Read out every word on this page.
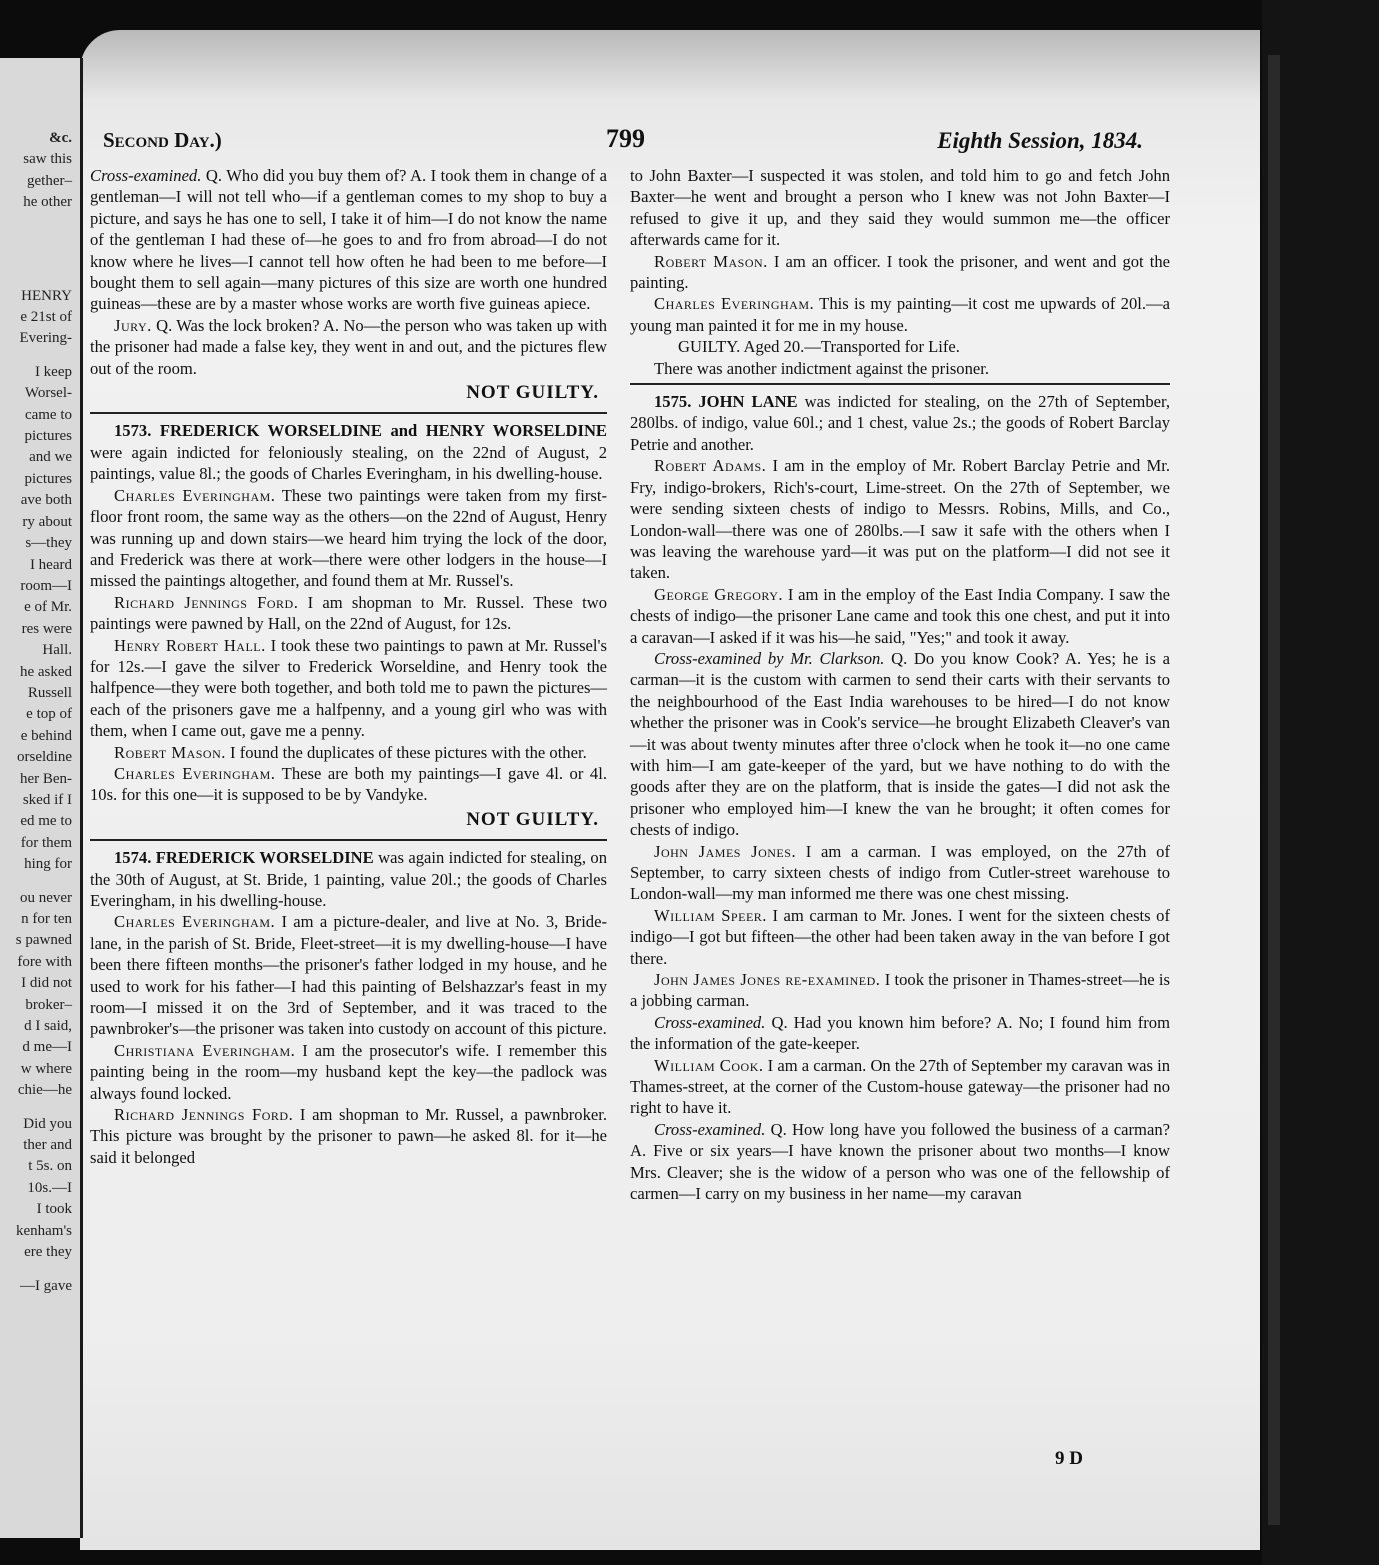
&c.
saw this
gether–
he other
HENRY
e 21st of
Evering-
I keep
Worsel-
came to
pictures
and we
pictures
ave both
ry about
s—they
I heard
room—I
e of Mr.
res were
Hall.
he asked
Russell
e top of
e behind
orseldine
her Ben-
sked if I
ed me to
for them
hing for
ou never
n for ten
s pawned
fore with
I did not
broker–
d I said,
d me—I
w where
chie—he
Did you
ther and
t 5s. on
10s.—I
I took
kenham's
ere they
—I gave
Second Day.)	799	Eighth Session, 1834.

Cross-examined. Q. Who did you buy them of? A. I took them in change of a gentleman—I will not tell who—if a gentleman comes to my shop to buy a picture, and says he has one to sell, I take it of him—I do not know the name of the gentleman I had these of—he goes to and fro from abroad—I do not know where he lives—I cannot tell how often he had been to me before—I bought them to sell again—many pictures of this size are worth one hundred guineas—these are by a master whose works are worth five guineas apiece.

Jury. Q. Was the lock broken? A. No—the person who was taken up with the prisoner had made a false key, they went in and out, and the pictures flew out of the room.

NOT GUILTY.

1573. FREDERICK WORSELDINE and HENRY WORSELDINE were again indicted for feloniously stealing, on the 22nd of August, 2 paintings, value 8l.; the goods of Charles Everingham, in his dwelling-house.

Charles Everingham. These two paintings were taken from my first-floor front room, the same way as the others—on the 22nd of August, Henry was running up and down stairs—we heard him trying the lock of the door, and Frederick was there at work—there were other lodgers in the house—I missed the paintings altogether, and found them at Mr. Russel's.

Richard Jennings Ford. I am shopman to Mr. Russel. These two paintings were pawned by Hall, on the 22nd of August, for 12s.

Henry Robert Hall. I took these two paintings to pawn at Mr. Russel's for 12s.—I gave the silver to Frederick Worseldine, and Henry took the halfpence—they were both together, and both told me to pawn the pictures—each of the prisoners gave me a halfpenny, and a young girl who was with them, when I came out, gave me a penny.

Robert Mason. I found the duplicates of these pictures with the other.

Charles Everingham. These are both my paintings—I gave 4l. or 4l. 10s. for this one—it is supposed to be by Vandyke.

NOT GUILTY.

1574. FREDERICK WORSELDINE was again indicted for stealing, on the 30th of August, at St. Bride, 1 painting, value 20l.; the goods of Charles Everingham, in his dwelling-house.

Charles Everingham. I am a picture-dealer, and live at No. 3, Bride-lane, in the parish of St. Bride, Fleet-street—it is my dwelling-house—I have been there fifteen months—the prisoner's father lodged in my house, and he used to work for his father—I had this painting of Belshazzar's feast in my room—I missed it on the 3rd of September, and it was traced to the pawnbroker's—the prisoner was taken into custody on account of this picture.

Christiana Everingham. I am the prosecutor's wife. I remember this painting being in the room—my husband kept the key—the padlock was always found locked.

Richard Jennings Ford. I am shopman to Mr. Russel, a pawnbroker. This picture was brought by the prisoner to pawn—he asked 8l. for it—he said it belonged

to John Baxter—I suspected it was stolen, and told him to go and fetch John Baxter—he went and brought a person who I knew was not John Baxter—I refused to give it up, and they said they would summon me—the officer afterwards came for it.

Robert Mason. I am an officer. I took the prisoner, and went and got the painting.

Charles Everingham. This is my painting—it cost me upwards of 20l.—a young man painted it for me in my house.

GUILTY. Aged 20.—Transported for Life.

There was another indictment against the prisoner.

1575. JOHN LANE was indicted for stealing, on the 27th of September, 280lbs. of indigo, value 60l.; and 1 chest, value 2s.; the goods of Robert Barclay Petrie and another.

Robert Adams. I am in the employ of Mr. Robert Barclay Petrie and Mr. Fry, indigo-brokers, Rich's-court, Lime-street. On the 27th of September, we were sending sixteen chests of indigo to Messrs. Robins, Mills, and Co., London-wall—there was one of 280lbs.—I saw it safe with the others when I was leaving the warehouse yard—it was put on the platform—I did not see it taken.

George Gregory. I am in the employ of the East India Company. I saw the chests of indigo—the prisoner Lane came and took this one chest, and put it into a caravan—I asked if it was his—he said, "Yes;" and took it away.

Cross-examined by Mr. Clarkson. Q. Do you know Cook? A. Yes; he is a carman—it is the custom with carmen to send their carts with their servants to the neighbourhood of the East India warehouses to be hired—I do not know whether the prisoner was in Cook's service—he brought Elizabeth Cleaver's van—it was about twenty minutes after three o'clock when he took it—no one came with him—I am gate-keeper of the yard, but we have nothing to do with the goods after they are on the platform, that is inside the gates—I did not ask the prisoner who employed him—I knew the van he brought; it often comes for chests of indigo.

John James Jones. I am a carman. I was employed, on the 27th of September, to carry sixteen chests of indigo from Cutler-street warehouse to London-wall—my man informed me there was one chest missing.

William Speer. I am carman to Mr. Jones. I went for the sixteen chests of indigo—I got but fifteen—the other had been taken away in the van before I got there.

John James Jones re-examined. I took the prisoner in Thames-street—he is a jobbing carman.

Cross-examined. Q. Had you known him before? A. No; I found him from the information of the gate-keeper.

William Cook. I am a carman. On the 27th of September my caravan was in Thames-street, at the corner of the Custom-house gateway—the prisoner had no right to have it.

Cross-examined. Q. How long have you followed the business of a carman? A. Five or six years—I have known the prisoner about two months—I know Mrs. Cleaver; she is the widow of a person who was one of the fellowship of carmen—I carry on my business in her name—my caravan

9 D
